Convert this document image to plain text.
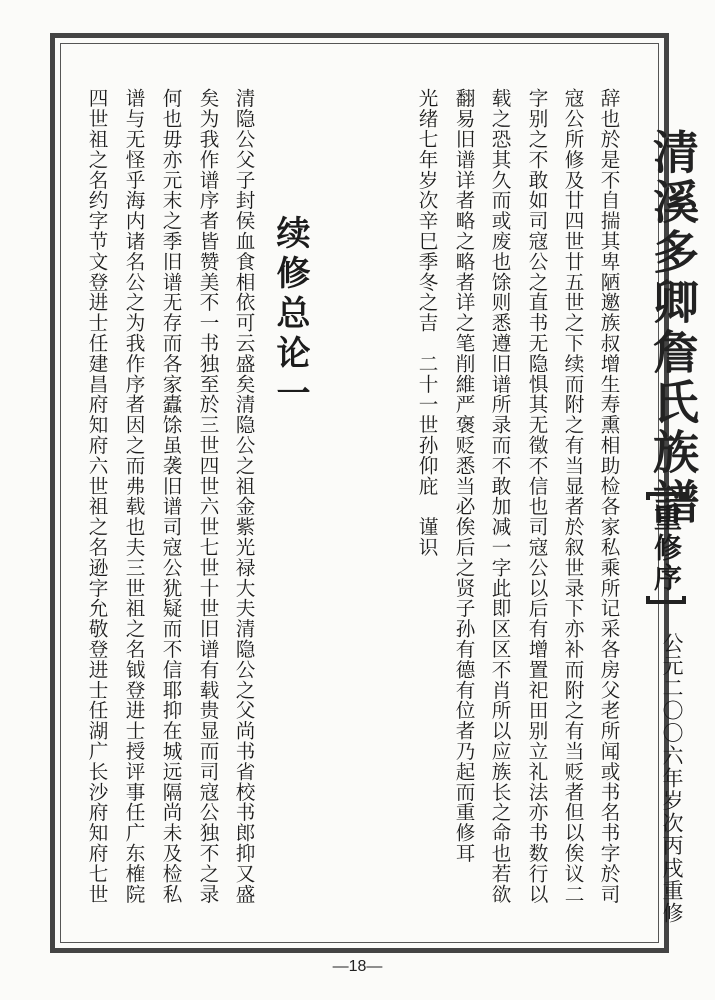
清溪多卿詹氏族譜
重修序
公元二〇〇六年岁次丙戌重修
辞也於是不自揣其卑陋邀族叔增生寿熏相助检各家私乘所记采各房父老所闻或书名书字於司
寇公所修及廿四世廿五世之下续而附之有当显者於叙世录下亦补而附之有当贬者但以俟议二
字别之不敢如司寇公之直书无隐惧其无徵不信也司寇公以后有增置祀田别立礼法亦书数行以
载之恐其久而或废也馀则悉遵旧谱所录而不敢加减一字此即区区不肖所以应族长之命也若欲
翻易旧谱详者略之略者详之笔削維严褒贬悉当必俟后之贤子孙有德有位者乃起而重修耳
光绪七年岁次辛巳季冬之吉　二十一世孙仰庇　谨识
续修总论一
清隐公父子封侯血食相依可云盛矣清隐公之祖金紫光禄大夫清隐公之父尚书省校书郎抑又盛
矣为我作谱序者皆赞美不一书独至於三世四世六世七世十世旧谱有载贵显而司寇公独不之录
何也毋亦元末之季旧谱无存而各家蠹馀虽袭旧谱司寇公犹疑而不信耶抑在城远隔尚未及检私
谱与无怪乎海内诸名公之为我作序者因之而弗载也夫三世祖之名钺登进士授评事任广东榷院
四世祖之名约字节文登进士任建昌府知府六世祖之名逊字允敬登进士任湖广长沙府知府七世
—18—
